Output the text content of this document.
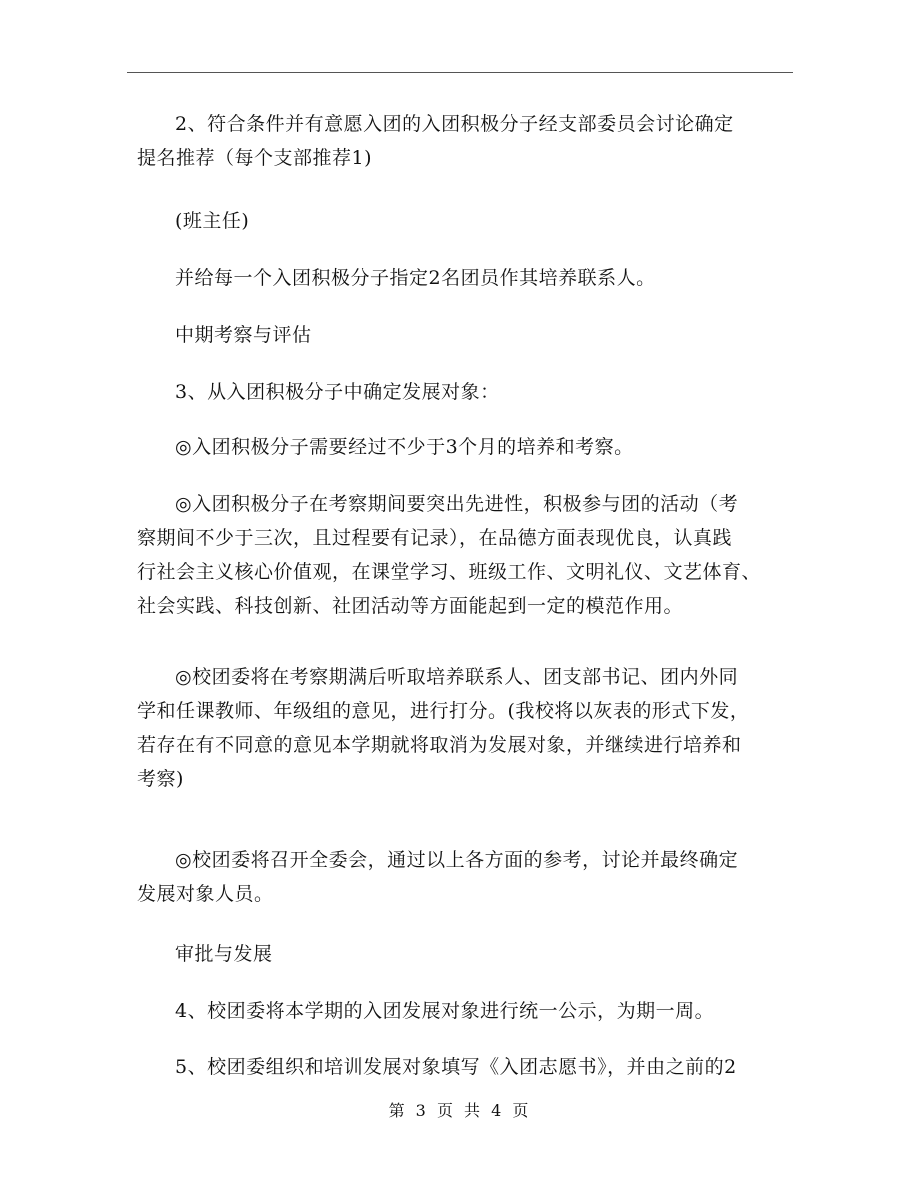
2、符合条件并有意愿入团的入团积极分子经支部委员会讨论确定
提名推荐（每个支部推荐1)

(班主任)

并给每一个入团积极分子指定2名团员作其培养联系人。

中期考察与评估

3、从入团积极分子中确定发展对象：

◎入团积极分子需要经过不少于3个月的培养和考察。

◎入团积极分子在考察期间要突出先进性，积极参与团的活动（考
察期间不少于三次，且过程要有记录），在品德方面表现优良，认真践
行社会主义核心价值观，在课堂学习、班级工作、文明礼仪、文艺体育、
社会实践、科技创新、社团活动等方面能起到一定的模范作用。

◎校团委将在考察期满后听取培养联系人、团支部书记、团内外同
学和任课教师、年级组的意见，进行打分。(我校将以灰表的形式下发，
若存在有不同意的意见本学期就将取消为发展对象，并继续进行培养和
考察)

◎校团委将召开全委会，通过以上各方面的参考，讨论并最终确定
发展对象人员。

审批与发展

4、校团委将本学期的入团发展对象进行统一公示，为期一周。

5、校团委组织和培训发展对象填写《入团志愿书》，并由之前的2

第 3 页 共 4 页
